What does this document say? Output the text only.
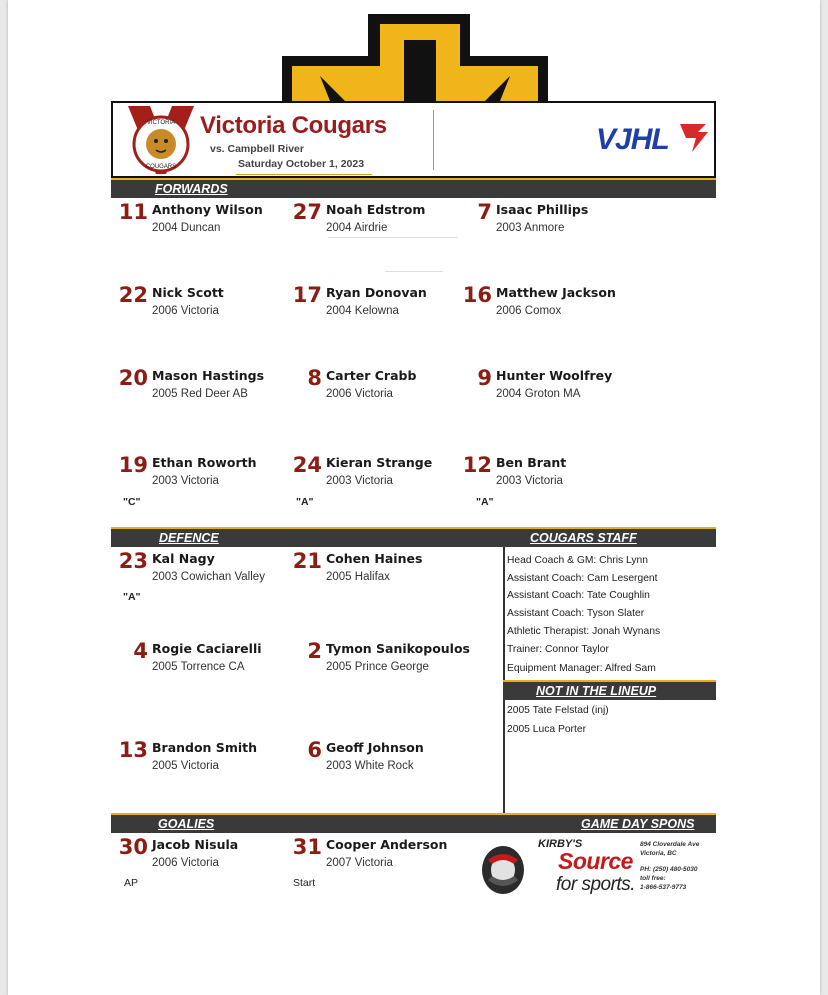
VICTORIA
COUGARS
Victoria Cougars
vs. Campbell River
Saturday October 1, 2023
VJHL
FORWARDS
11 Anthony Wilson
2004 Duncan
27 Noah Edstrom
2004 Airdrie
7 Isaac Phillips
2003 Anmore
22 Nick Scott
2006 Victoria
17 Ryan Donovan
2004 Kelowna
16 Matthew Jackson
2006 Comox
20 Mason Hastings
2005 Red Deer AB
8 Carter Crabb
2006 Victoria
9 Hunter Woolfrey
2004 Groton MA
19 Ethan Roworth
2003 Victoria
24 Kieran Strange
2003 Victoria
12 Ben Brant
2003 Victoria
"C"	"A"	"A"
DEFENCE	COUGARS STAFF
23 Kal Nagy
2003 Cowichan Valley
21 Cohen Haines
2005 Halifax
"A"
4 Rogie Caciarelli
2005 Torrence CA
2 Tymon Sanikopoulos
2005 Prince George
13 Brandon Smith
2005 Victoria
6 Geoff Johnson
2003 White Rock
Head Coach & GM: Chris Lynn
Assistant Coach: Cam Lesergent
Assistant Coach: Tate Coughlin
Assistant Coach: Tyson Slater
Athletic Therapist: Jonah Wynans
Trainer: Connor Taylor
Equipment Manager: Alfred Sam
NOT IN THE LINEUP
2005 Tate Felstad (inj)
2005 Luca Porter
GOALIES	GAME DAY SPONS
30 Jacob Nisula
2006 Victoria
31 Cooper Anderson
2007 Victoria
AP	Start
KIRBY'S
Source
for sports.
894 Cloverdale Ave
Victoria, BC
PH: (250) 480-5030
toll free:
1-866-537-9773
